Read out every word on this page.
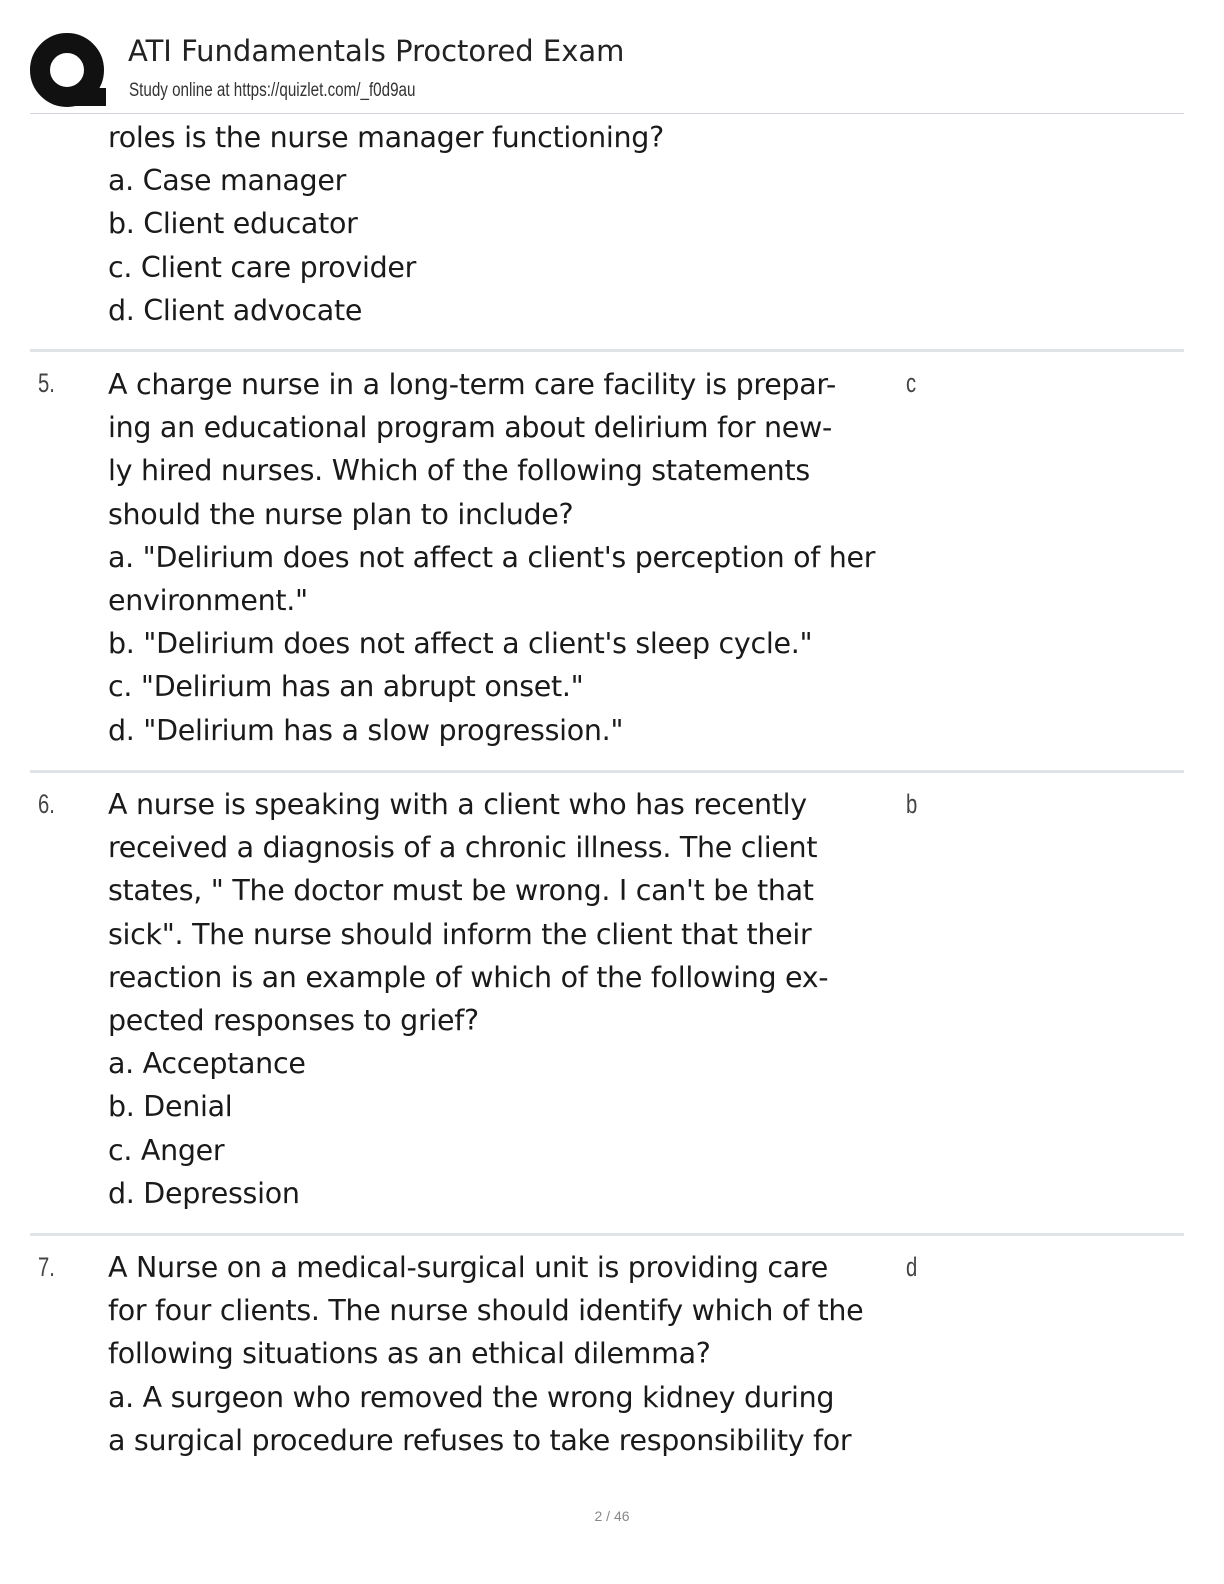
ATI Fundamentals Proctored Exam
Study online at https://quizlet.com/_f0d9au
roles is the nurse manager functioning?
a. Case manager
b. Client educator
c. Client care provider
d. Client advocate
5. A charge nurse in a long-term care facility is prepar-
ing an educational program about delirium for new-
ly hired nurses. Which of the following statements
should the nurse plan to include?
a. "Delirium does not affect a client's perception of her
environment."
b. "Delirium does not affect a client's sleep cycle."
c. "Delirium has an abrupt onset."
d. "Delirium has a slow progression."
c
6. A nurse is speaking with a client who has recently
received a diagnosis of a chronic illness. The client
states, " The doctor must be wrong. I can't be that
sick". The nurse should inform the client that their
reaction is an example of which of the following ex-
pected responses to grief?
a. Acceptance
b. Denial
c. Anger
d. Depression
b
7. A Nurse on a medical-surgical unit is providing care
for four clients. The nurse should identify which of the
following situations as an ethical dilemma?
a. A surgeon who removed the wrong kidney during
a surgical procedure refuses to take responsibility for
d
2 / 46
